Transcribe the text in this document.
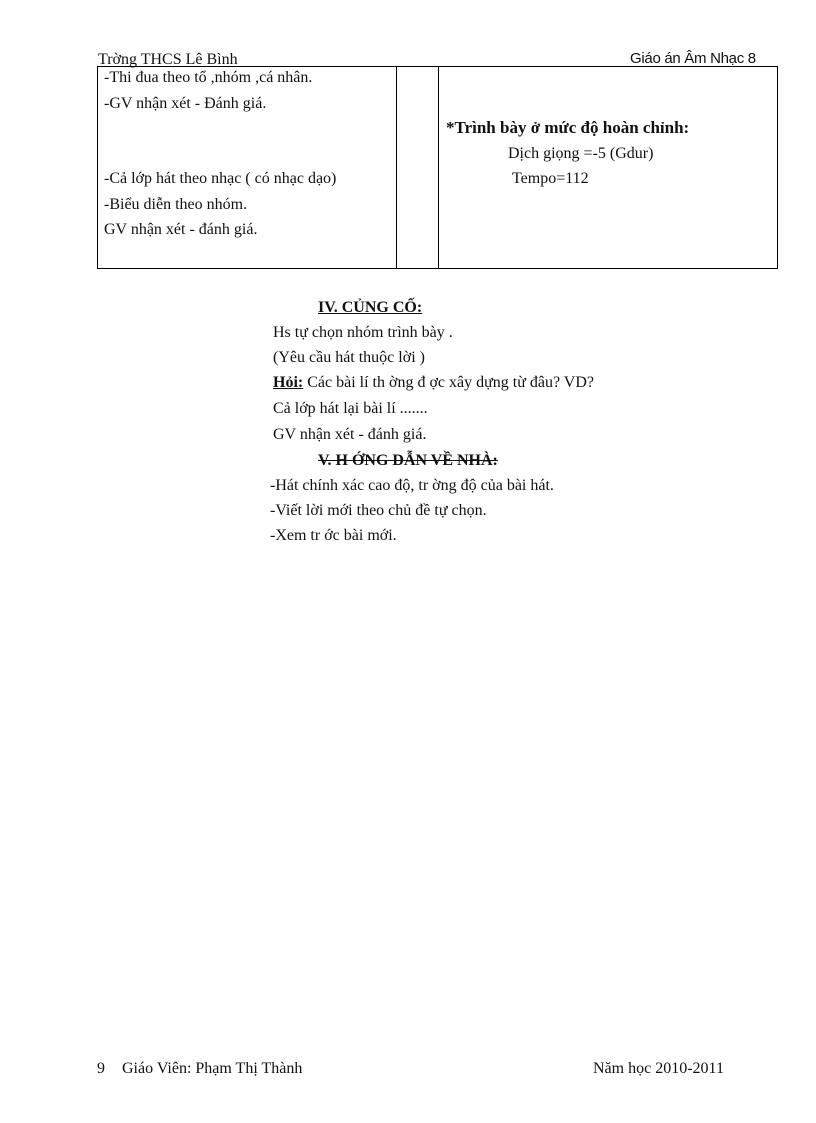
Trờng THCS Lê Bình	Giáo án Âm Nhạc 8
-Thi đua theo tổ ,nhóm ,cá nhân.
-GV nhận xét - Đánh giá.
-Cả lớp hát theo nhạc ( có nhạc dạo)
-Biểu diễn theo nhóm.
GV nhận xét - đánh giá.
*Trình bày ở mức độ hoàn chỉnh:
Dịch giọng =-5 (Gdur)
Tempo=112
IV. CỦNG CỐ:
Hs tự chọn nhóm trình bày .
(Yêu cầu hát thuộc lời )
Hỏi: Các bài lí th ờng đ ợc xây dựng từ đâu? VD?
Cả lớp hát lại bài lí .......
GV nhận xét - đánh giá.
V. H ỚNG DẪN VỀ NHÀ:
-Hát chính xác cao độ, tr ờng độ của bài hát.
-Viết lời mới theo chủ đề tự chọn.
-Xem tr ớc bài mới.
9 Giáo Viên: Phạm Thị Thành	Năm học 2010-2011
